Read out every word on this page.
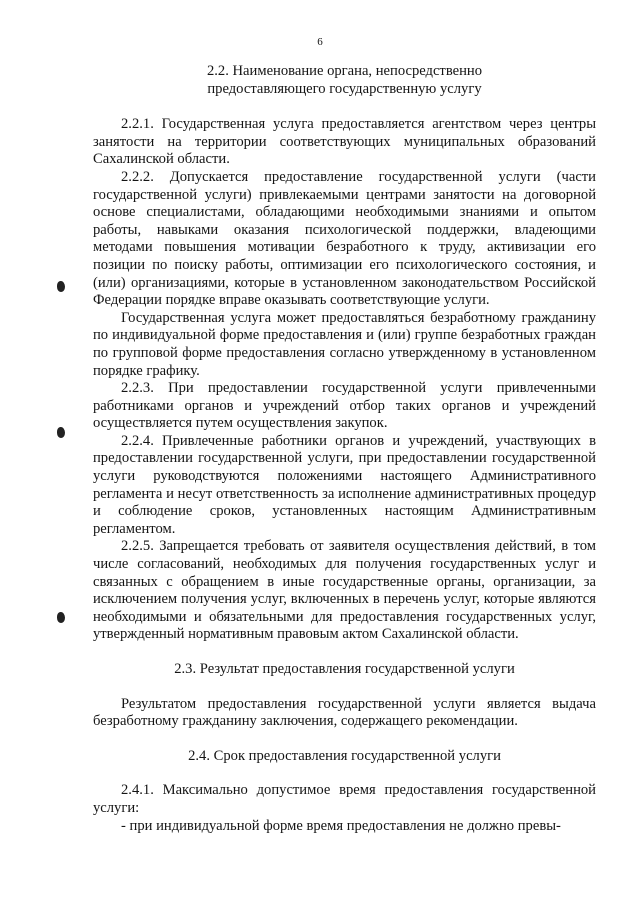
6

2.2. Наименование органа, непосредственно

предоставляющего государственную услугу

2.2.1. Государственная услуга предоставляется агентством через центры занятости на территории соответствующих муниципальных образований Сахалинской области.

2.2.2. Допускается предоставление государственной услуги (части государственной услуги) привлекаемыми центрами занятости на договорной основе специалистами, обладающими необходимыми знаниями и опытом работы, навыками оказания психологической поддержки, владеющими методами повышения мотивации безработного к труду, активизации его позиции по поиску работы, оптимизации его психологического состояния, и (или) организациями, которые в установленном законодательством Российской Федерации порядке вправе оказывать соответствующие услуги.

Государственная услуга может предоставляться безработному гражданину по индивидуальной форме предоставления и (или) группе безработных граждан по групповой форме предоставления согласно утвержденному в установленном порядке графику.

2.2.3. При предоставлении государственной услуги привлеченными работниками органов и учреждений отбор таких органов и учреждений осуществляется путем осуществления закупок.

2.2.4. Привлеченные работники органов и учреждений, участвующих в предоставлении государственной услуги, при предоставлении государственной услуги руководствуются положениями настоящего Административного регламента и несут ответственность за исполнение административных процедур и соблюдение сроков, установленных настоящим Административным регламентом.

2.2.5. Запрещается требовать от заявителя осуществления действий, в том числе согласований, необходимых для получения государственных услуг и связанных с обращением в иные государственные органы, организации, за исключением получения услуг, включенных в перечень услуг, которые являются необходимыми и обязательными для предоставления государственных услуг, утвержденный нормативным правовым актом Сахалинской области.

2.3. Результат предоставления государственной услуги

Результатом предоставления государственной услуги является выдача безработному гражданину заключения, содержащего рекомендации.

2.4. Срок предоставления государственной услуги

2.4.1. Максимально допустимое время предоставления государственной услуги:

- при индивидуальной форме время предоставления не должно превы-
